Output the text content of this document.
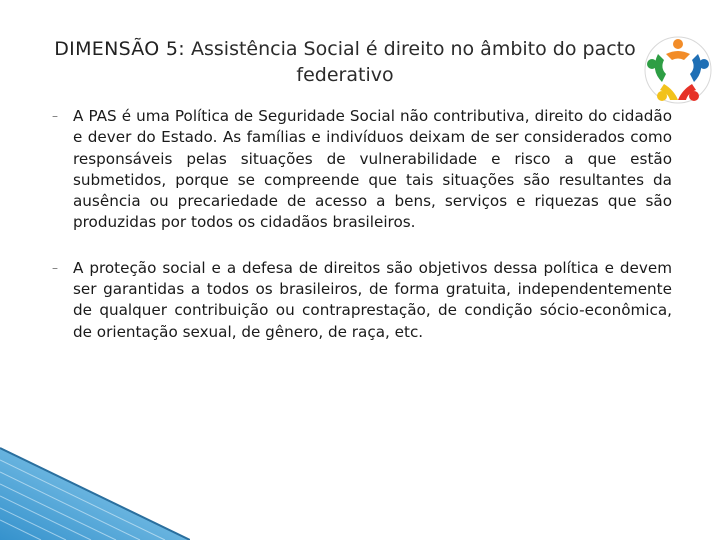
DIMENSÃO 5: Assistência Social é direito no âmbito do pacto federativo
– A PAS é uma Política de Seguridade Social não contributiva, direito do cidadão e dever do Estado. As famílias e indivíduos deixam de ser considerados como responsáveis pelas situações de vulnerabilidade e risco a que estão submetidos, porque se compreende que tais situações são resultantes da ausência ou precariedade de acesso a bens, serviços e riquezas que são produzidas por todos os cidadãos brasileiros.
– A proteção social e a defesa de direitos são objetivos dessa política e devem ser garantidas a todos os brasileiros, de forma gratuita, independentemente de qualquer contribuição ou contraprestação, de condição sócio-econômica, de orientação sexual, de gênero, de raça, etc.
